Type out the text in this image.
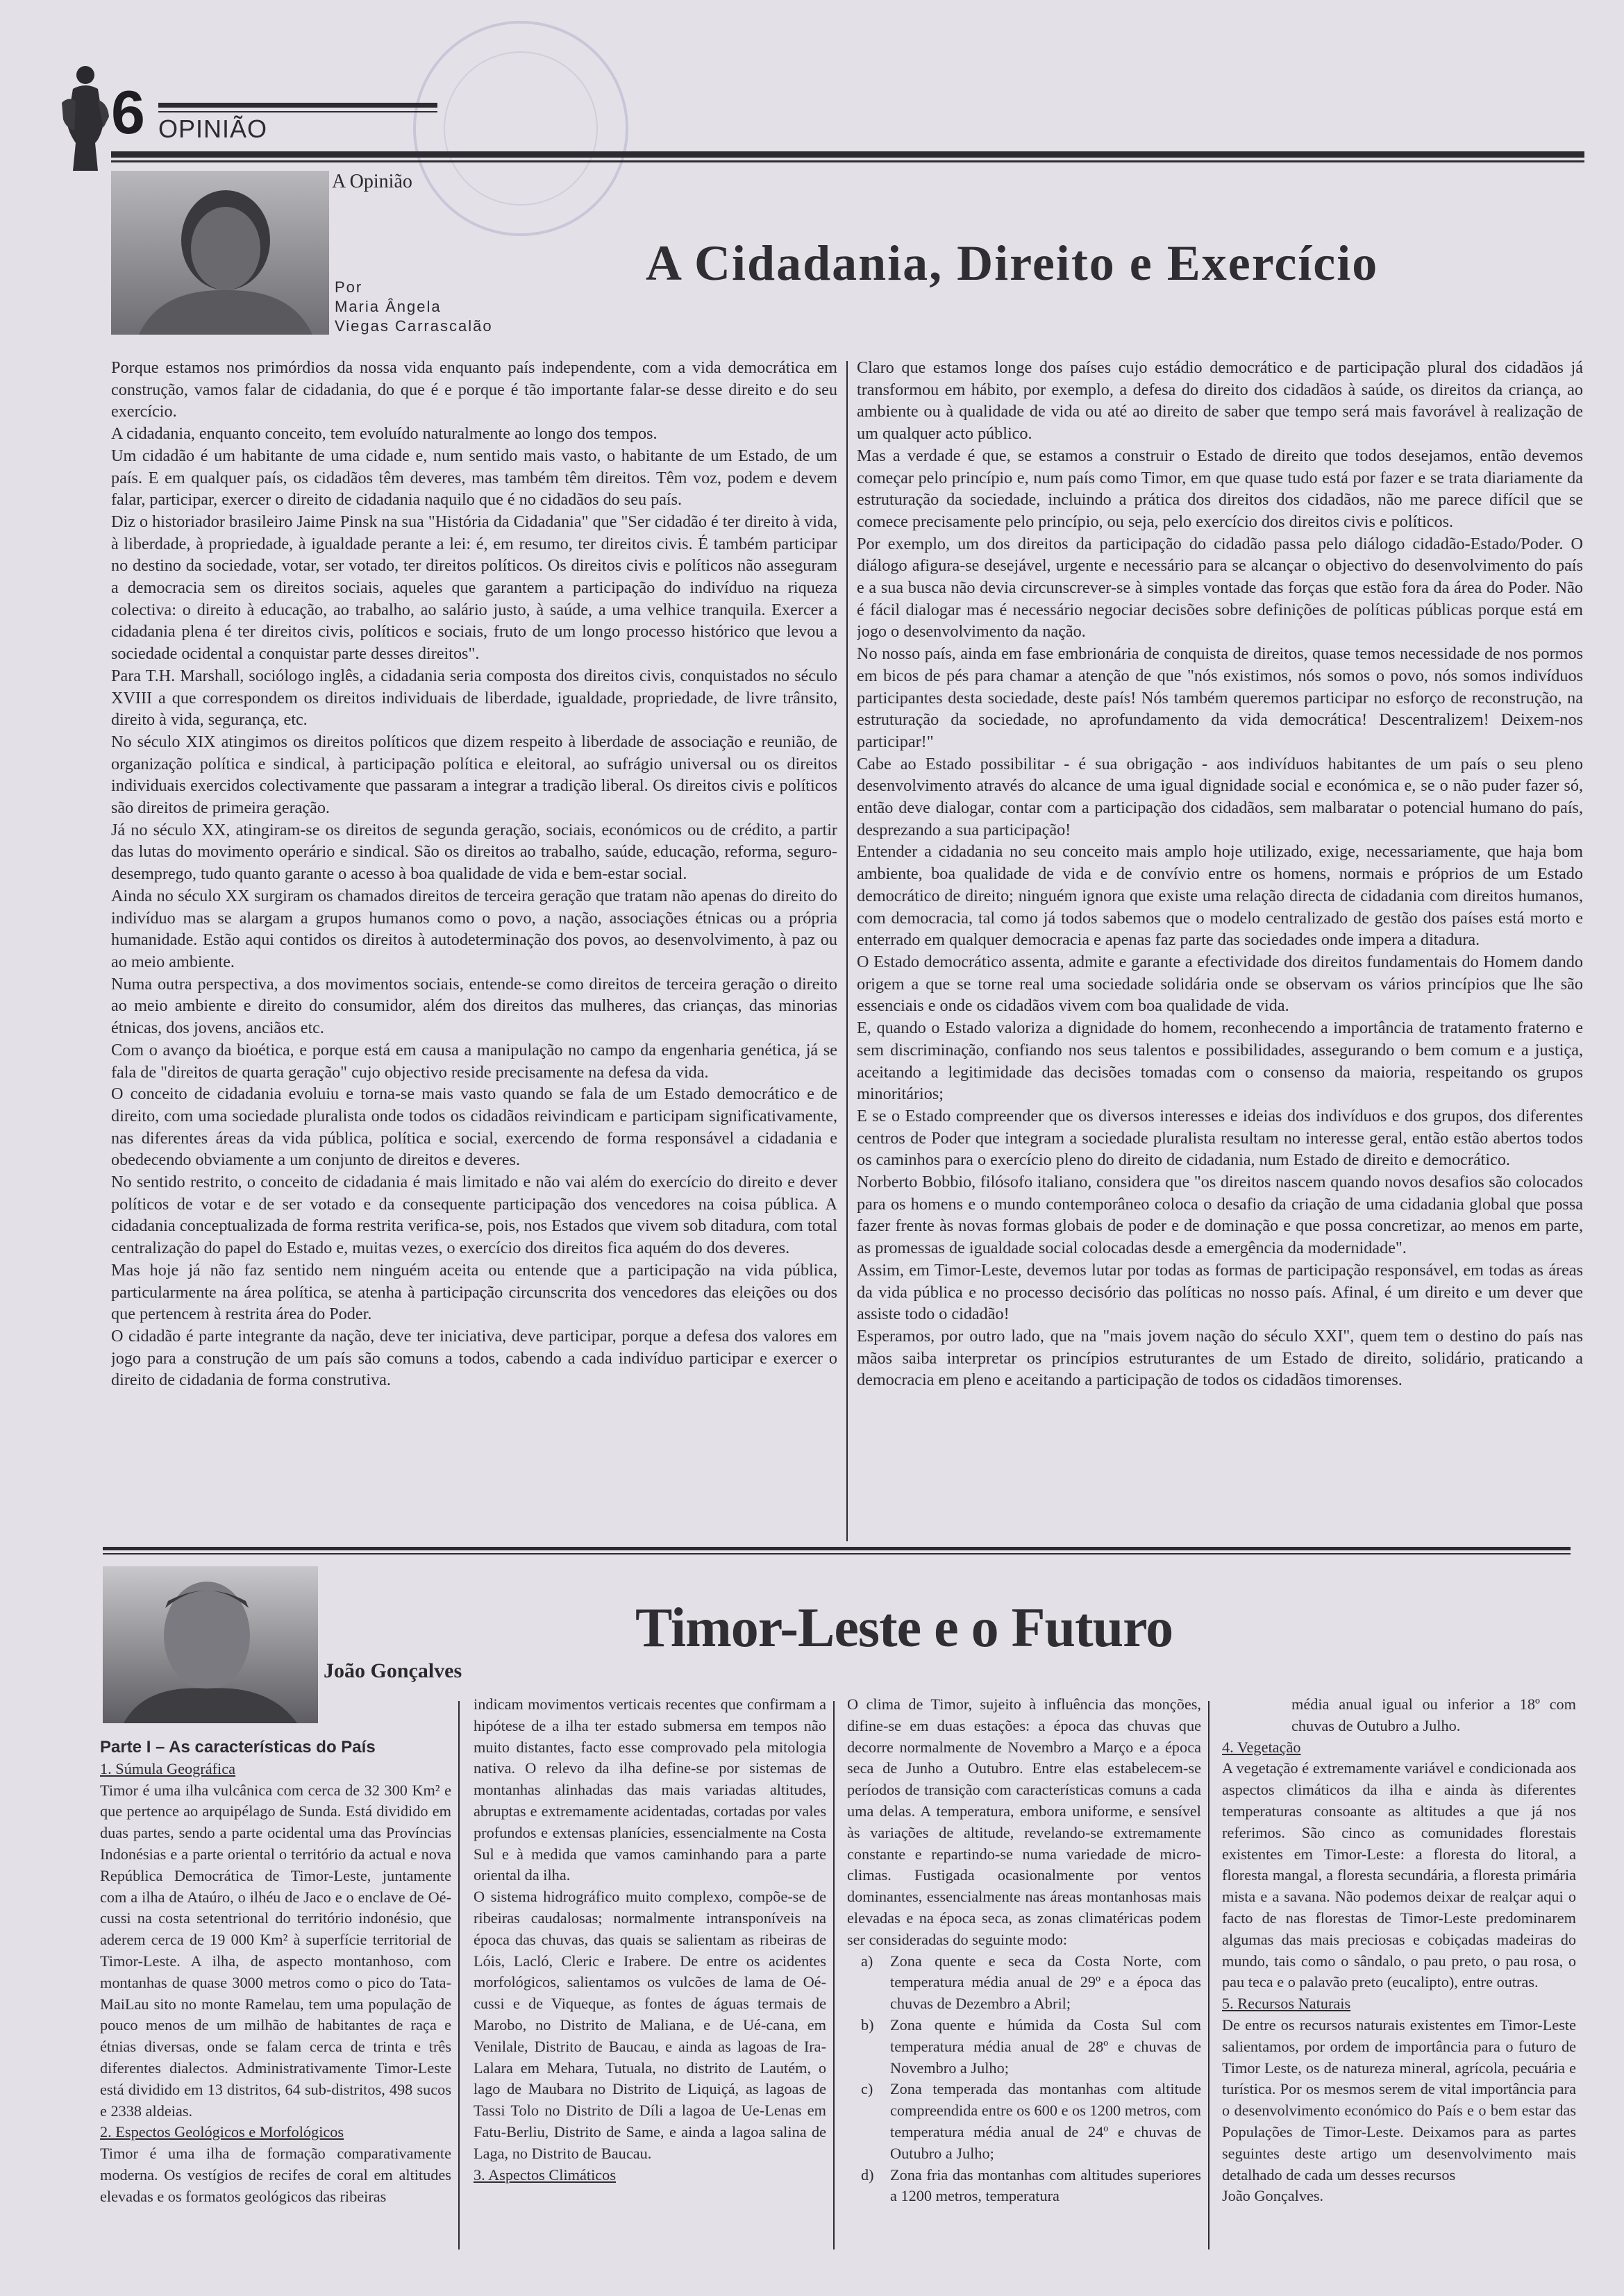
6 OPINIÃO
A Opinião
Por
Maria Ângela
Viegas Carrascalão
A Cidadania, Direito e Exercício

Porque estamos nos primórdios da nossa vida enquanto país independente, com a vida democrática em construção, vamos falar de cidadania, do que é e porque é tão importante falar-se desse direito e do seu exercício.

A cidadania, enquanto conceito, tem evoluído naturalmente ao longo dos tempos.

Um cidadão é um habitante de uma cidade e, num sentido mais vasto, o habitante de um Estado, de um país. E em qualquer país, os cidadãos têm deveres, mas também têm direitos. Têm voz, podem e devem falar, participar, exercer o direito de cidadania naquilo que é no cidadãos do seu país.

Diz o historiador brasileiro Jaime Pinsk na sua "História da Cidadania" que "Ser cidadão é ter direito à vida, à liberdade, à propriedade, à igualdade perante a lei: é, em resumo, ter direitos civis. É também participar no destino da sociedade, votar, ser votado, ter direitos políticos. Os direitos civis e políticos não asseguram a democracia sem os direitos sociais, aqueles que garantem a participação do indivíduo na riqueza colectiva: o direito à educação, ao trabalho, ao salário justo, à saúde, a uma velhice tranquila. Exercer a cidadania plena é ter direitos civis, políticos e sociais, fruto de um longo processo histórico que levou a sociedade ocidental a conquistar parte desses direitos".

Para T.H. Marshall, sociólogo inglês, a cidadania seria composta dos direitos civis, conquistados no século XVIII a que correspondem os direitos individuais de liberdade, igualdade, propriedade, de livre trânsito, direito à vida, segurança, etc.

No século XIX atingimos os direitos políticos que dizem respeito à liberdade de associação e reunião, de organização política e sindical, à participação política e eleitoral, ao sufrágio universal ou os direitos individuais exercidos colectivamente que passaram a integrar a tradição liberal. Os direitos civis e políticos são direitos de primeira geração.

Já no século XX, atingiram-se os direitos de segunda geração, sociais, económicos ou de crédito, a partir das lutas do movimento operário e sindical. São os direitos ao trabalho, saúde, educação, reforma, seguro-desemprego, tudo quanto garante o acesso à boa qualidade de vida e bem-estar social.

Ainda no século XX surgiram os chamados direitos de terceira geração que tratam não apenas do direito do indivíduo mas se alargam a grupos humanos como o povo, a nação, associações étnicas ou a própria humanidade. Estão aqui contidos os direitos à autodeterminação dos povos, ao desenvolvimento, à paz ou ao meio ambiente.

Numa outra perspectiva, a dos movimentos sociais, entende-se como direitos de terceira geração o direito ao meio ambiente e direito do consumidor, além dos direitos das mulheres, das crianças, das minorias étnicas, dos jovens, anciãos etc.

Com o avanço da bioética, e porque está em causa a manipulação no campo da engenharia genética, já se fala de "direitos de quarta geração" cujo objectivo reside precisamente na defesa da vida.

O conceito de cidadania evoluiu e torna-se mais vasto quando se fala de um Estado democrático e de direito, com uma sociedade pluralista onde todos os cidadãos reivindicam e participam significativamente, nas diferentes áreas da vida pública, política e social, exercendo de forma responsável a cidadania e obedecendo obviamente a um conjunto de direitos e deveres.

No sentido restrito, o conceito de cidadania é mais limitado e não vai além do exercício do direito e dever políticos de votar e de ser votado e da consequente participação dos vencedores na coisa pública. A cidadania conceptualizada de forma restrita verifica-se, pois, nos Estados que vivem sob ditadura, com total centralização do papel do Estado e, muitas vezes, o exercício dos direitos fica aquém do dos deveres.

Mas hoje já não faz sentido nem ninguém aceita ou entende que a participação na vida pública, particularmente na área política, se atenha à participação circunscrita dos vencedores das eleições ou dos que pertencem à restrita área do Poder.

O cidadão é parte integrante da nação, deve ter iniciativa, deve participar, porque a defesa dos valores em jogo para a construção de um país são comuns a todos, cabendo a cada indivíduo participar e exercer o direito de cidadania de forma construtiva.

Claro que estamos longe dos países cujo estádio democrático e de participação plural dos cidadãos já transformou em hábito, por exemplo, a defesa do direito dos cidadãos à saúde, os direitos da criança, ao ambiente ou à qualidade de vida ou até ao direito de saber que tempo será mais favorável à realização de um qualquer acto público.

Mas a verdade é que, se estamos a construir o Estado de direito que todos desejamos, então devemos começar pelo princípio e, num país como Timor, em que quase tudo está por fazer e se trata diariamente da estruturação da sociedade, incluindo a prática dos direitos dos cidadãos, não me parece difícil que se comece precisamente pelo princípio, ou seja, pelo exercício dos direitos civis e políticos.

Por exemplo, um dos direitos da participação do cidadão passa pelo diálogo cidadão-Estado/Poder. O diálogo afigura-se desejável, urgente e necessário para se alcançar o objectivo do desenvolvimento do país e a sua busca não devia circunscrever-se à simples vontade das forças que estão fora da área do Poder. Não é fácil dialogar mas é necessário negociar decisões sobre definições de políticas públicas porque está em jogo o desenvolvimento da nação.

No nosso país, ainda em fase embrionária de conquista de direitos, quase temos necessidade de nos pormos em bicos de pés para chamar a atenção de que "nós existimos, nós somos o povo, nós somos indivíduos participantes desta sociedade, deste país! Nós também queremos participar no esforço de reconstrução, na estruturação da sociedade, no aprofundamento da vida democrática! Descentralizem! Deixem-nos participar!"

Cabe ao Estado possibilitar - é sua obrigação - aos indivíduos habitantes de um país o seu pleno desenvolvimento através do alcance de uma igual dignidade social e económica e, se o não puder fazer só, então deve dialogar, contar com a participação dos cidadãos, sem malbaratar o potencial humano do país, desprezando a sua participação!

Entender a cidadania no seu conceito mais amplo hoje utilizado, exige, necessariamente, que haja bom ambiente, boa qualidade de vida e de convívio entre os homens, normais e próprios de um Estado democrático de direito; ninguém ignora que existe uma relação directa de cidadania com direitos humanos, com democracia, tal como já todos sabemos que o modelo centralizado de gestão dos países está morto e enterrado em qualquer democracia e apenas faz parte das sociedades onde impera a ditadura.

O Estado democrático assenta, admite e garante a efectividade dos direitos fundamentais do Homem dando origem a que se torne real uma sociedade solidária onde se observam os vários princípios que lhe são essenciais e onde os cidadãos vivem com boa qualidade de vida.

E, quando o Estado valoriza a dignidade do homem, reconhecendo a importância de tratamento fraterno e sem discriminação, confiando nos seus talentos e possibilidades, assegurando o bem comum e a justiça, aceitando a legitimidade das decisões tomadas com o consenso da maioria, respeitando os grupos minoritários;

E se o Estado compreender que os diversos interesses e ideias dos indivíduos e dos grupos, dos diferentes centros de Poder que integram a sociedade pluralista resultam no interesse geral, então estão abertos todos os caminhos para o exercício pleno do direito de cidadania, num Estado de direito e democrático.

Norberto Bobbio, filósofo italiano, considera que "os direitos nascem quando novos desafios são colocados para os homens e o mundo contemporâneo coloca o desafio da criação de uma cidadania global que possa fazer frente às novas formas globais de poder e de dominação e que possa concretizar, ao menos em parte, as promessas de igualdade social colocadas desde a emergência da modernidade".

Assim, em Timor-Leste, devemos lutar por todas as formas de participação responsável, em todas as áreas da vida pública e no processo decisório das políticas no nosso país. Afinal, é um direito e um dever que assiste todo o cidadão!

Esperamos, por outro lado, que na "mais jovem nação do século XXI", quem tem o destino do país nas mãos saiba interpretar os princípios estruturantes de um Estado de direito, solidário, praticando a democracia em pleno e aceitando a participação de todos os cidadãos timorenses.

João Gonçalves
Timor-Leste e o Futuro

Parte I – As características do País

1. Súmula Geográfica

Timor é uma ilha vulcânica com cerca de 32 300 Km² e que pertence ao arquipélago de Sunda. Está dividido em duas partes, sendo a parte ocidental uma das Províncias Indonésias e a parte oriental o território da actual e nova República Democrática de Timor-Leste, juntamente com a ilha de Ataúro, o ilhéu de Jaco e o enclave de Oé-cussi na costa setentrional do território indonésio, que aderem cerca de 19 000 Km² à superfície territorial de Timor-Leste. A ilha, de aspecto montanhoso, com montanhas de quase 3000 metros como o pico do Tata-MaiLau sito no monte Ramelau, tem uma população de pouco menos de um milhão de habitantes de raça e étnias diversas, onde se falam cerca de trinta e três diferentes dialectos. Administrativamente Timor-Leste está dividido em 13 distritos, 64 sub-distritos, 498 sucos e 2338 aldeias.

2. Espectos Geológicos e Morfológicos

Timor é uma ilha de formação comparativamente moderna. Os vestígios de recifes de coral em altitudes elevadas e os formatos geológicos das ribeiras

indicam movimentos verticais recentes que confirmam a hipótese de a ilha ter estado submersa em tempos não muito distantes, facto esse comprovado pela mitologia nativa. O relevo da ilha define-se por sistemas de montanhas alinhadas das mais variadas altitudes, abruptas e extremamente acidentadas, cortadas por vales profundos e extensas planícies, essencialmente na Costa Sul e à medida que vamos caminhando para a parte oriental da ilha.

O sistema hidrográfico muito complexo, compõe-se de ribeiras caudalosas; normalmente intransponíveis na época das chuvas, das quais se salientam as ribeiras de Lóis, Lacló, Cleric e Irabere. De entre os acidentes morfológicos, salientamos os vulcões de lama de Oé-cussi e de Viqueque, as fontes de águas termais de Marobo, no Distrito de Maliana, e de Ué-cana, em Venilale, Distrito de Baucau, e ainda as lagoas de Ira-Lalara em Mehara, Tutuala, no distrito de Lautém, o lago de Maubara no Distrito de Liquiçá, as lagoas de Tassi Tolo no Distrito de Díli a lagoa de Ue-Lenas em Fatu-Berliu, Distrito de Same, e ainda a lagoa salina de Laga, no Distrito de Baucau.

3. Aspectos Climáticos

O clima de Timor, sujeito à influência das monções, difine-se em duas estações: a época das chuvas que decorre normalmente de Novembro a Março e a época seca de Junho a Outubro. Entre elas estabelecem-se períodos de transição com características comuns a cada uma delas. A temperatura, embora uniforme, e sensível às variações de altitude, revelando-se extremamente constante e repartindo-se numa variedade de micro-climas. Fustigada ocasionalmente por ventos dominantes, essencialmente nas áreas montanhosas mais elevadas e na época seca, as zonas climatéricas podem ser consideradas do seguinte modo:

a)	Zona quente e seca da Costa Norte, com temperatura média anual de 29º e a época das chuvas de Dezembro a Abril;
b)	Zona quente e húmida da Costa Sul com temperatura média anual de 28º e chuvas de Novembro a Julho;
c)	Zona temperada das montanhas com altitude compreendida entre os 600 e os 1200 metros, com temperatura média anual de 24º e chuvas de Outubro a Julho;
d)	Zona fria das montanhas com altitudes superiores a 1200 metros, temperatura

média anual igual ou inferior a 18º com chuvas de Outubro a Julho.

4. Vegetação

A vegetação é extremamente variável e condicionada aos aspectos climáticos da ilha e ainda às diferentes temperaturas consoante as altitudes a que já nos referimos. São cinco as comunidades florestais existentes em Timor-Leste: a floresta do litoral, a floresta mangal, a floresta secundária, a floresta primária mista e a savana. Não podemos deixar de realçar aqui o facto de nas florestas de Timor-Leste predominarem algumas das mais preciosas e cobiçadas madeiras do mundo, tais como o sândalo, o pau preto, o pau rosa, o pau teca e o palavão preto (eucalipto), entre outras.

5. Recursos Naturais

De entre os recursos naturais existentes em Timor-Leste salientamos, por ordem de importância para o futuro de Timor Leste, os de natureza mineral, agrícola, pecuária e turística. Por os mesmos serem de vital importância para o desenvolvimento económico do País e o bem estar das Populações de Timor-Leste. Deixamos para as partes seguintes deste artigo um desenvolvimento mais detalhado de cada um desses recursos

João Gonçalves.
